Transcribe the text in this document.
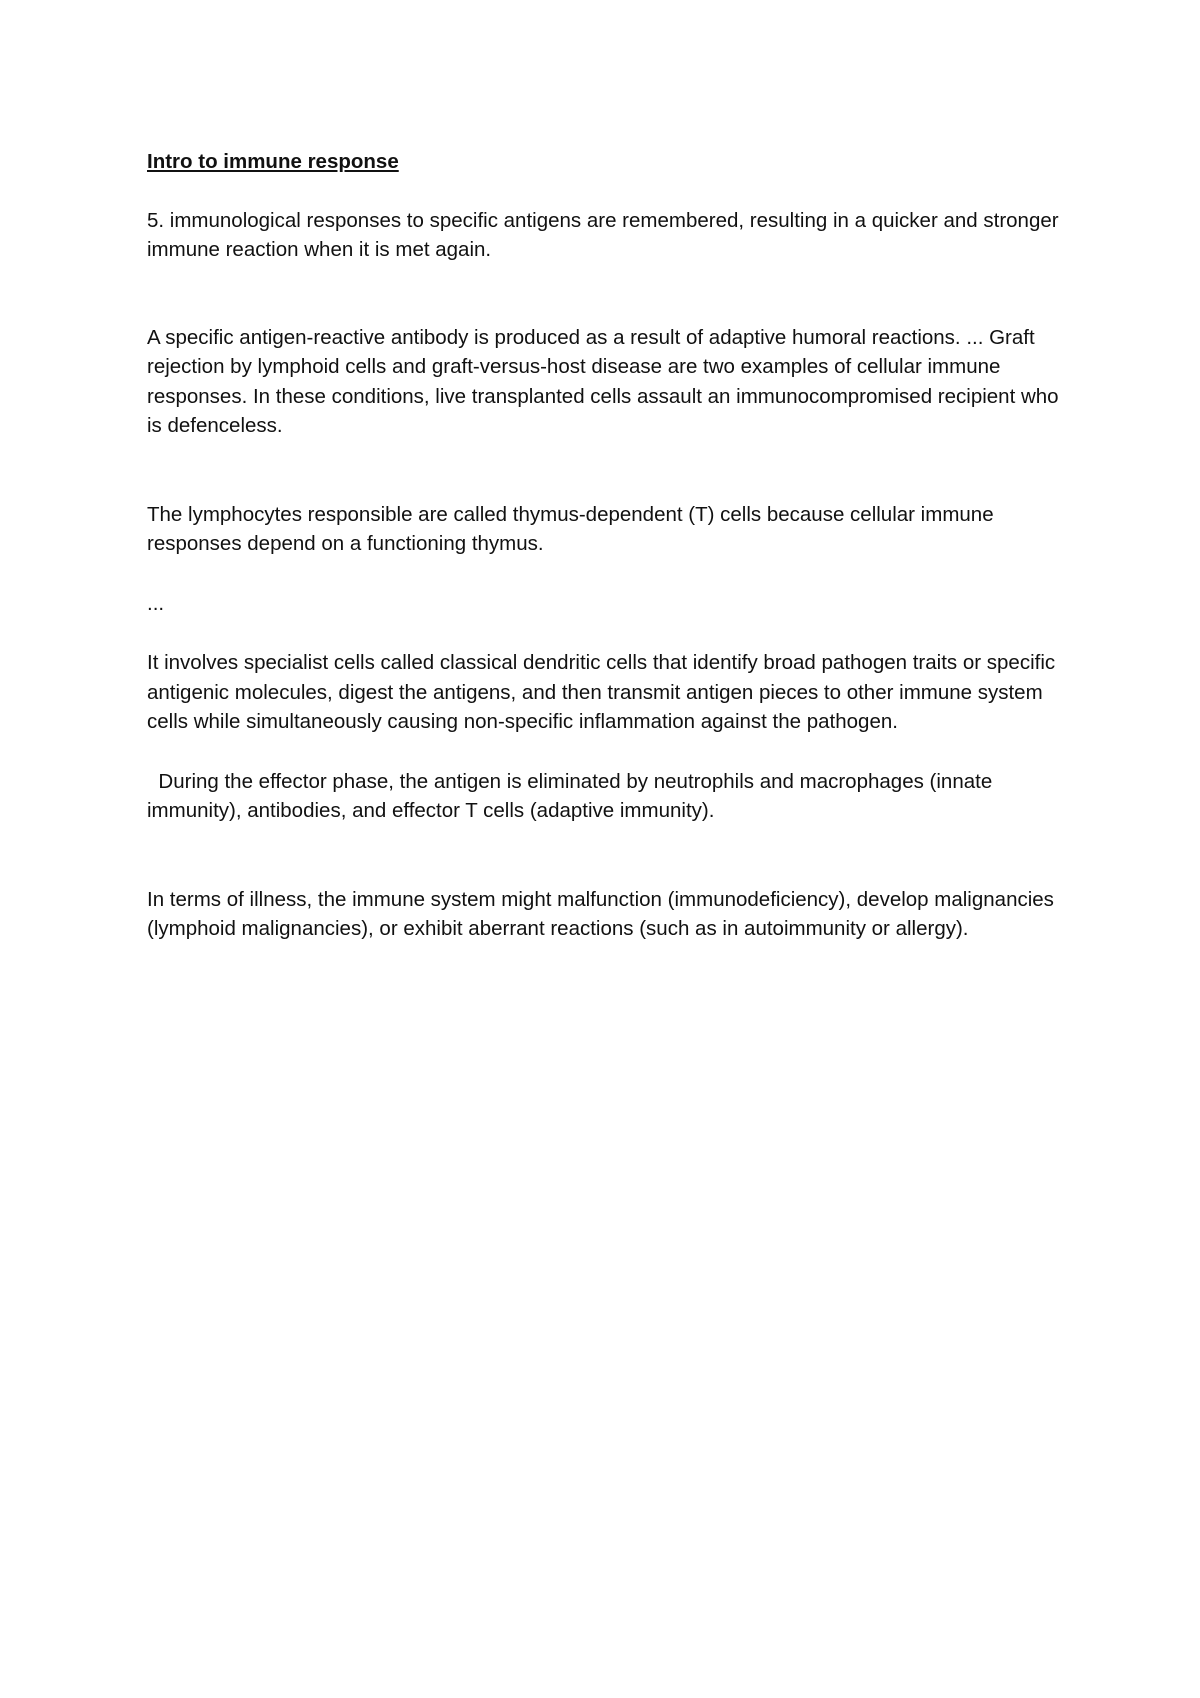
Intro to immune response

5. immunological responses to specific antigens are remembered, resulting in a quicker and stronger immune reaction when it is met again.

A specific antigen-reactive antibody is produced as a result of adaptive humoral reactions. ... Graft rejection by lymphoid cells and graft-versus-host disease are two examples of cellular immune responses. In these conditions, live transplanted cells assault an immunocompromised recipient who is defenceless.

The lymphocytes responsible are called thymus-dependent (T) cells because cellular immune responses depend on a functioning thymus.

...

It involves specialist cells called classical dendritic cells that identify broad pathogen traits or specific antigenic molecules, digest the antigens, and then transmit antigen pieces to other immune system cells while simultaneously causing non-specific inflammation against the pathogen.

During the effector phase, the antigen is eliminated by neutrophils and macrophages (innate immunity), antibodies, and effector T cells (adaptive immunity).

In terms of illness, the immune system might malfunction (immunodeficiency), develop malignancies (lymphoid malignancies), or exhibit aberrant reactions (such as in autoimmunity or allergy).
